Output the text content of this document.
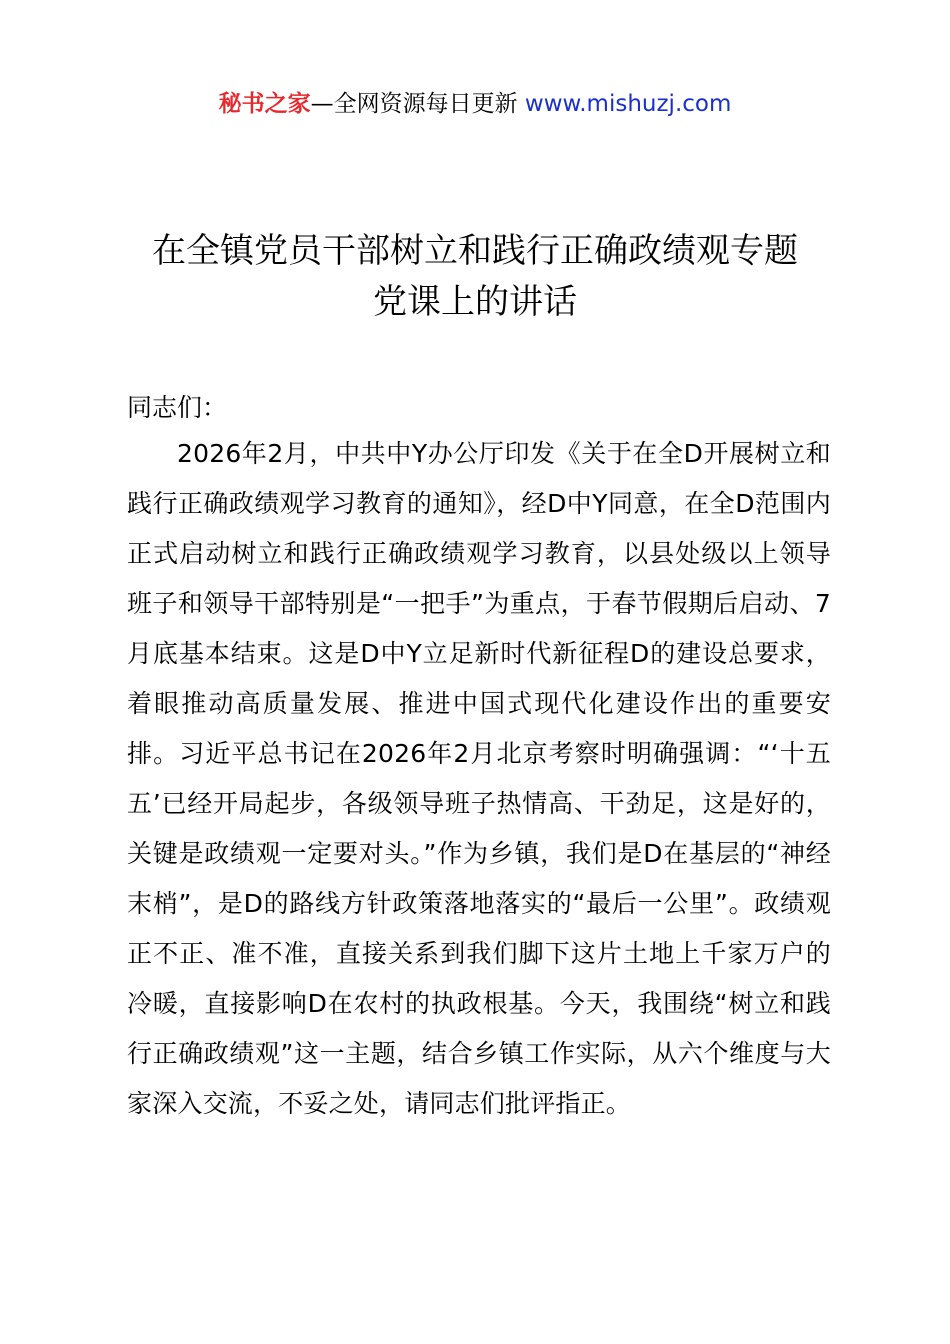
秘书之家—全网资源每日更新 www.mishuzj.com
在全镇党员干部树立和践行正确政绩观专题
党课上的讲话

同志们：

2026年2月，中共中Y办公厅印发《关于在全D开展树立和践行正确政绩观学习教育的通知》，经D中Y同意，在全D范围内正式启动树立和践行正确政绩观学习教育，以县处级以上领导班子和领导干部特别是“一把手”为重点，于春节假期后启动、7月底基本结束。这是D中Y立足新时代新征程D的建设总要求，着眼推动高质量发展、推进中国式现代化建设作出的重要安排。习近平总书记在2026年2月北京考察时明确强调：“‘十五五’已经开局起步，各级领导班子热情高、干劲足，这是好的，关键是政绩观一定要对头。”作为乡镇，我们是D在基层的“神经末梢”，是D的路线方针政策落地落实的“最后一公里”。政绩观正不正、准不准，直接关系到我们脚下这片土地上千家万户的冷暖，直接影响D在农村的执政根基。今天，我围绕“树立和践行正确政绩观”这一主题，结合乡镇工作实际，从六个维度与大家深入交流，不妥之处，请同志们批评指正。
